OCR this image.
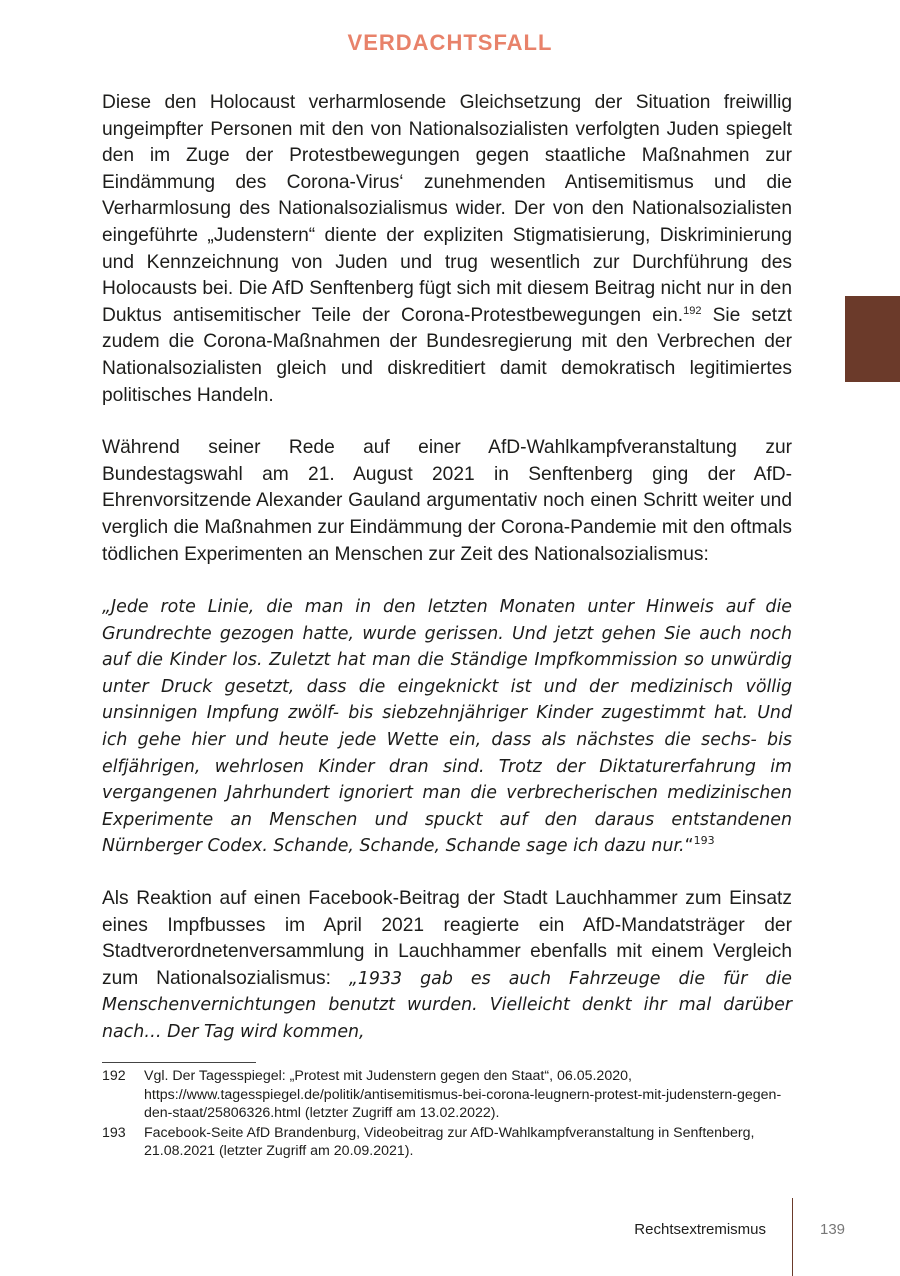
VERDACHTSFALL

Diese den Holocaust verharmlosende Gleichsetzung der Situation freiwillig ungeimpfter Personen mit den von Nationalsozialisten verfolgten Juden spiegelt den im Zuge der Protestbewegungen gegen staatliche Maßnahmen zur Eindämmung des Corona-Virus‘ zunehmenden Antisemitismus und die Verharmlosung des Nationalsozialismus wider. Der von den Nationalsozialisten eingeführte „Judenstern“ diente der expliziten Stigmatisierung, Diskriminierung und Kennzeichnung von Juden und trug wesentlich zur Durchführung des Holocausts bei. Die AfD Senftenberg fügt sich mit diesem Beitrag nicht nur in den Duktus antisemitischer Teile der Corona-Protestbewegungen ein.$^{192}$ Sie setzt zudem die Corona-Maßnahmen der Bundesregierung mit den Verbrechen der Nationalsozialisten gleich und diskreditiert damit demokratisch legitimiertes politisches Handeln.

Während seiner Rede auf einer AfD-Wahlkampfveranstaltung zur Bundestagswahl am 21. August 2021 in Senftenberg ging der AfD-Ehrenvorsitzende Alexander Gauland argumentativ noch einen Schritt weiter und verglich die Maßnahmen zur Eindämmung der Corona-Pandemie mit den oftmals tödlichen Experimenten an Menschen zur Zeit des Nationalsozialismus:

„Jede rote Linie, die man in den letzten Monaten unter Hinweis auf die Grundrechte gezogen hatte, wurde gerissen. Und jetzt gehen Sie auch noch auf die Kinder los. Zuletzt hat man die Ständige Impfkommission so unwürdig unter Druck gesetzt, dass die eingeknickt ist und der medizinisch völlig unsinnigen Impfung zwölf- bis siebzehnjähriger Kinder zugestimmt hat. Und ich gehe hier und heute jede Wette ein, dass als nächstes die sechs- bis elfjährigen, wehrlosen Kinder dran sind. Trotz der Diktaturerfahrung im vergangenen Jahrhundert ignoriert man die verbrecherischen medizinischen Experimente an Menschen und spuckt auf den daraus entstandenen Nürnberger Codex. Schande, Schande, Schande sage ich dazu nur.“$^{193}$

Als Reaktion auf einen Facebook-Beitrag der Stadt Lauchhammer zum Einsatz eines Impfbusses im April 2021 reagierte ein AfD-Mandatsträger der Stadtverordnetenversammlung in Lauchhammer ebenfalls mit einem Vergleich zum Nationalsozialismus: „1933 gab es auch Fahrzeuge die für die Menschenvernichtungen benutzt wurden. Vielleicht denkt ihr mal darüber nach… Der Tag wird kommen,

192	Vgl. Der Tagesspiegel: „Protest mit Judenstern gegen den Staat“, 06.05.2020, https://www.tagesspiegel.de/politik/antisemitismus-bei-corona-leugnern-protest-mit-judenstern-gegen-den-staat/25806326.html (letzter Zugriff am 13.02.2022).
193	Facebook-Seite AfD Brandenburg, Videobeitrag zur AfD-Wahlkampfveranstaltung in Senftenberg, 21.08.2021 (letzter Zugriff am 20.09.2021).
Rechtsextremismus	139
